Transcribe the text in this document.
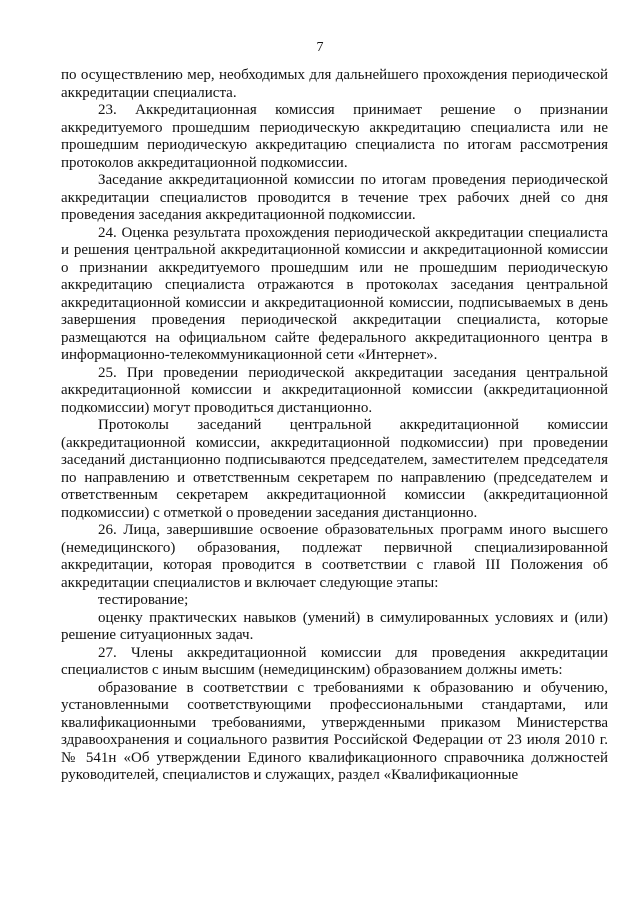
7

по осуществлению мер, необходимых для дальнейшего прохождения периодической аккредитации специалиста.

23. Аккредитационная комиссия принимает решение о признании аккредитуемого прошедшим периодическую аккредитацию специалиста или не прошедшим периодическую аккредитацию специалиста по итогам рассмотрения протоколов аккредитационной подкомиссии.

Заседание аккредитационной комиссии по итогам проведения периодической аккредитации специалистов проводится в течение трех рабочих дней со дня проведения заседания аккредитационной подкомиссии.

24. Оценка результата прохождения периодической аккредитации специалиста и решения центральной аккредитационной комиссии и аккредитационной комиссии о признании аккредитуемого прошедшим или не прошедшим периодическую аккредитацию специалиста отражаются в протоколах заседания центральной аккредитационной комиссии и аккредитационной комиссии, подписываемых в день завершения проведения периодической аккредитации специалиста, которые размещаются на официальном сайте федерального аккредитационного центра в информационно-телекоммуникационной сети «Интернет».

25. При проведении периодической аккредитации заседания центральной аккредитационной комиссии и аккредитационной комиссии (аккредитационной подкомиссии) могут проводиться дистанционно.

Протоколы заседаний центральной аккредитационной комиссии (аккредитационной комиссии, аккредитационной подкомиссии) при проведении заседаний дистанционно подписываются председателем, заместителем председателя по направлению и ответственным секретарем по направлению (председателем и ответственным секретарем аккредитационной комиссии (аккредитационной подкомиссии) с отметкой о проведении заседания дистанционно.

26. Лица, завершившие освоение образовательных программ иного высшего (немедицинского) образования, подлежат первичной специализированной аккредитации, которая проводится в соответствии с главой III Положения об аккредитации специалистов и включает следующие этапы:

тестирование;

оценку практических навыков (умений) в симулированных условиях и (или) решение ситуационных задач.

27. Члены аккредитационной комиссии для проведения аккредитации специалистов с иным высшим (немедицинским) образованием должны иметь:

образование в соответствии с требованиями к образованию и обучению, установленными соответствующими профессиональными стандартами, или квалификационными требованиями, утвержденными приказом Министерства здравоохранения и социального развития Российской Федерации от 23 июля 2010 г. № 541н «Об утверждении Единого квалификационного справочника должностей руководителей, специалистов и служащих, раздел «Квалификационные
